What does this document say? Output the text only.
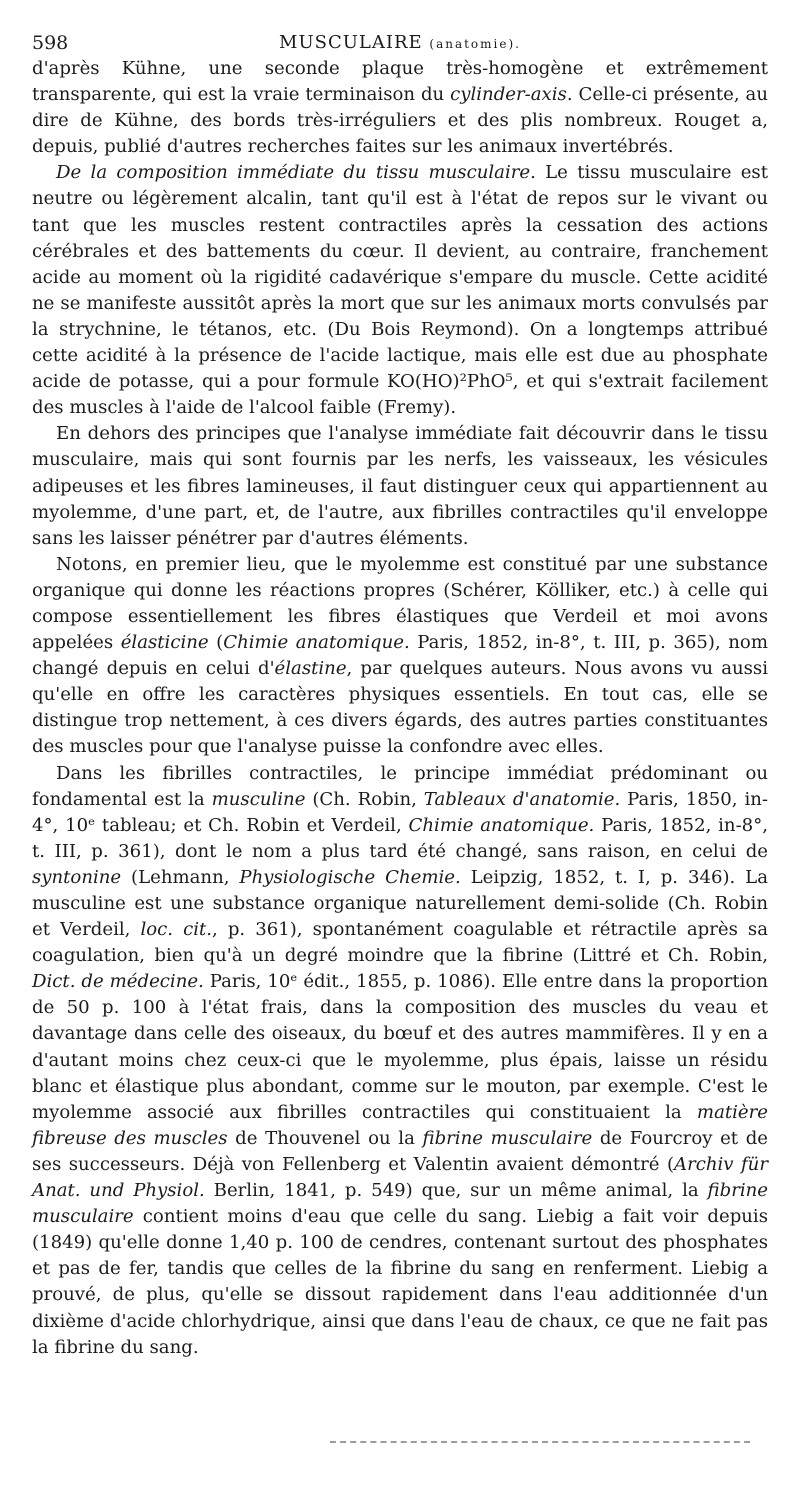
598	MUSCULAIRE (anatomie).

d'après Kühne, une seconde plaque très-homogène et extrêmement transparente, qui est la vraie terminaison du cylinder-axis. Celle-ci présente, au dire de Kühne, des bords très-irréguliers et des plis nombreux. Rouget a, depuis, publié d'autres recherches faites sur les animaux invertébrés.

De la composition immédiate du tissu musculaire. Le tissu musculaire est neutre ou légèrement alcalin, tant qu'il est à l'état de repos sur le vivant ou tant que les muscles restent contractiles après la cessation des actions cérébrales et des battements du cœur. Il devient, au contraire, franchement acide au moment où la rigidité cadavérique s'empare du muscle. Cette acidité ne se manifeste aussitôt après la mort que sur les animaux morts convulsés par la strychnine, le tétanos, etc. (Du Bois Reymond). On a longtemps attribué cette acidité à la présence de l'acide lactique, mais elle est due au phosphate acide de potasse, qui a pour formule KO(HO)²PhO⁵, et qui s'extrait facilement des muscles à l'aide de l'alcool faible (Fremy).

En dehors des principes que l'analyse immédiate fait découvrir dans le tissu musculaire, mais qui sont fournis par les nerfs, les vaisseaux, les vésicules adipeuses et les fibres lamineuses, il faut distinguer ceux qui appartiennent au myolemme, d'une part, et, de l'autre, aux fibrilles contractiles qu'il enveloppe sans les laisser pénétrer par d'autres éléments.

Notons, en premier lieu, que le myolemme est constitué par une substance organique qui donne les réactions propres (Schérer, Kölliker, etc.) à celle qui compose essentiellement les fibres élastiques que Verdeil et moi avons appelées élasticine (Chimie anatomique. Paris, 1852, in-8°, t. III, p. 365), nom changé depuis en celui d'élastine, par quelques auteurs. Nous avons vu aussi qu'elle en offre les caractères physiques essentiels. En tout cas, elle se distingue trop nettement, à ces divers égards, des autres parties constituantes des muscles pour que l'analyse puisse la confondre avec elles.

Dans les fibrilles contractiles, le principe immédiat prédominant ou fondamental est la musculine (Ch. Robin, Tableaux d'anatomie. Paris, 1850, in-4°, 10ᵉ tableau; et Ch. Robin et Verdeil, Chimie anatomique. Paris, 1852, in-8°, t. III, p. 361), dont le nom a plus tard été changé, sans raison, en celui de syntonine (Lehmann, Physiologische Chemie. Leipzig, 1852, t. I, p. 346). La musculine est une substance organique naturellement demi-solide (Ch. Robin et Verdeil, loc. cit., p. 361), spontanément coagulable et rétractile après sa coagulation, bien qu'à un degré moindre que la fibrine (Littré et Ch. Robin, Dict. de médecine. Paris, 10ᵉ édit., 1855, p. 1086). Elle entre dans la proportion de 50 p. 100 à l'état frais, dans la composition des muscles du veau et davantage dans celle des oiseaux, du bœuf et des autres mammifères. Il y en a d'autant moins chez ceux-ci que le myolemme, plus épais, laisse un résidu blanc et élastique plus abondant, comme sur le mouton, par exemple. C'est le myolemme associé aux fibrilles contractiles qui constituaient la matière fibreuse des muscles de Thouvenel ou la fibrine musculaire de Fourcroy et de ses successeurs. Déjà von Fellenberg et Valentin avaient démontré (Archiv für Anat. und Physiol. Berlin, 1841, p. 549) que, sur un même animal, la fibrine musculaire contient moins d'eau que celle du sang. Liebig a fait voir depuis (1849) qu'elle donne 1,40 p. 100 de cendres, contenant surtout des phosphates et pas de fer, tandis que celles de la fibrine du sang en renferment. Liebig a prouvé, de plus, qu'elle se dissout rapidement dans l'eau additionnée d'un dixième d'acide chlorhydrique, ainsi que dans l'eau de chaux, ce que ne fait pas la fibrine du sang.
